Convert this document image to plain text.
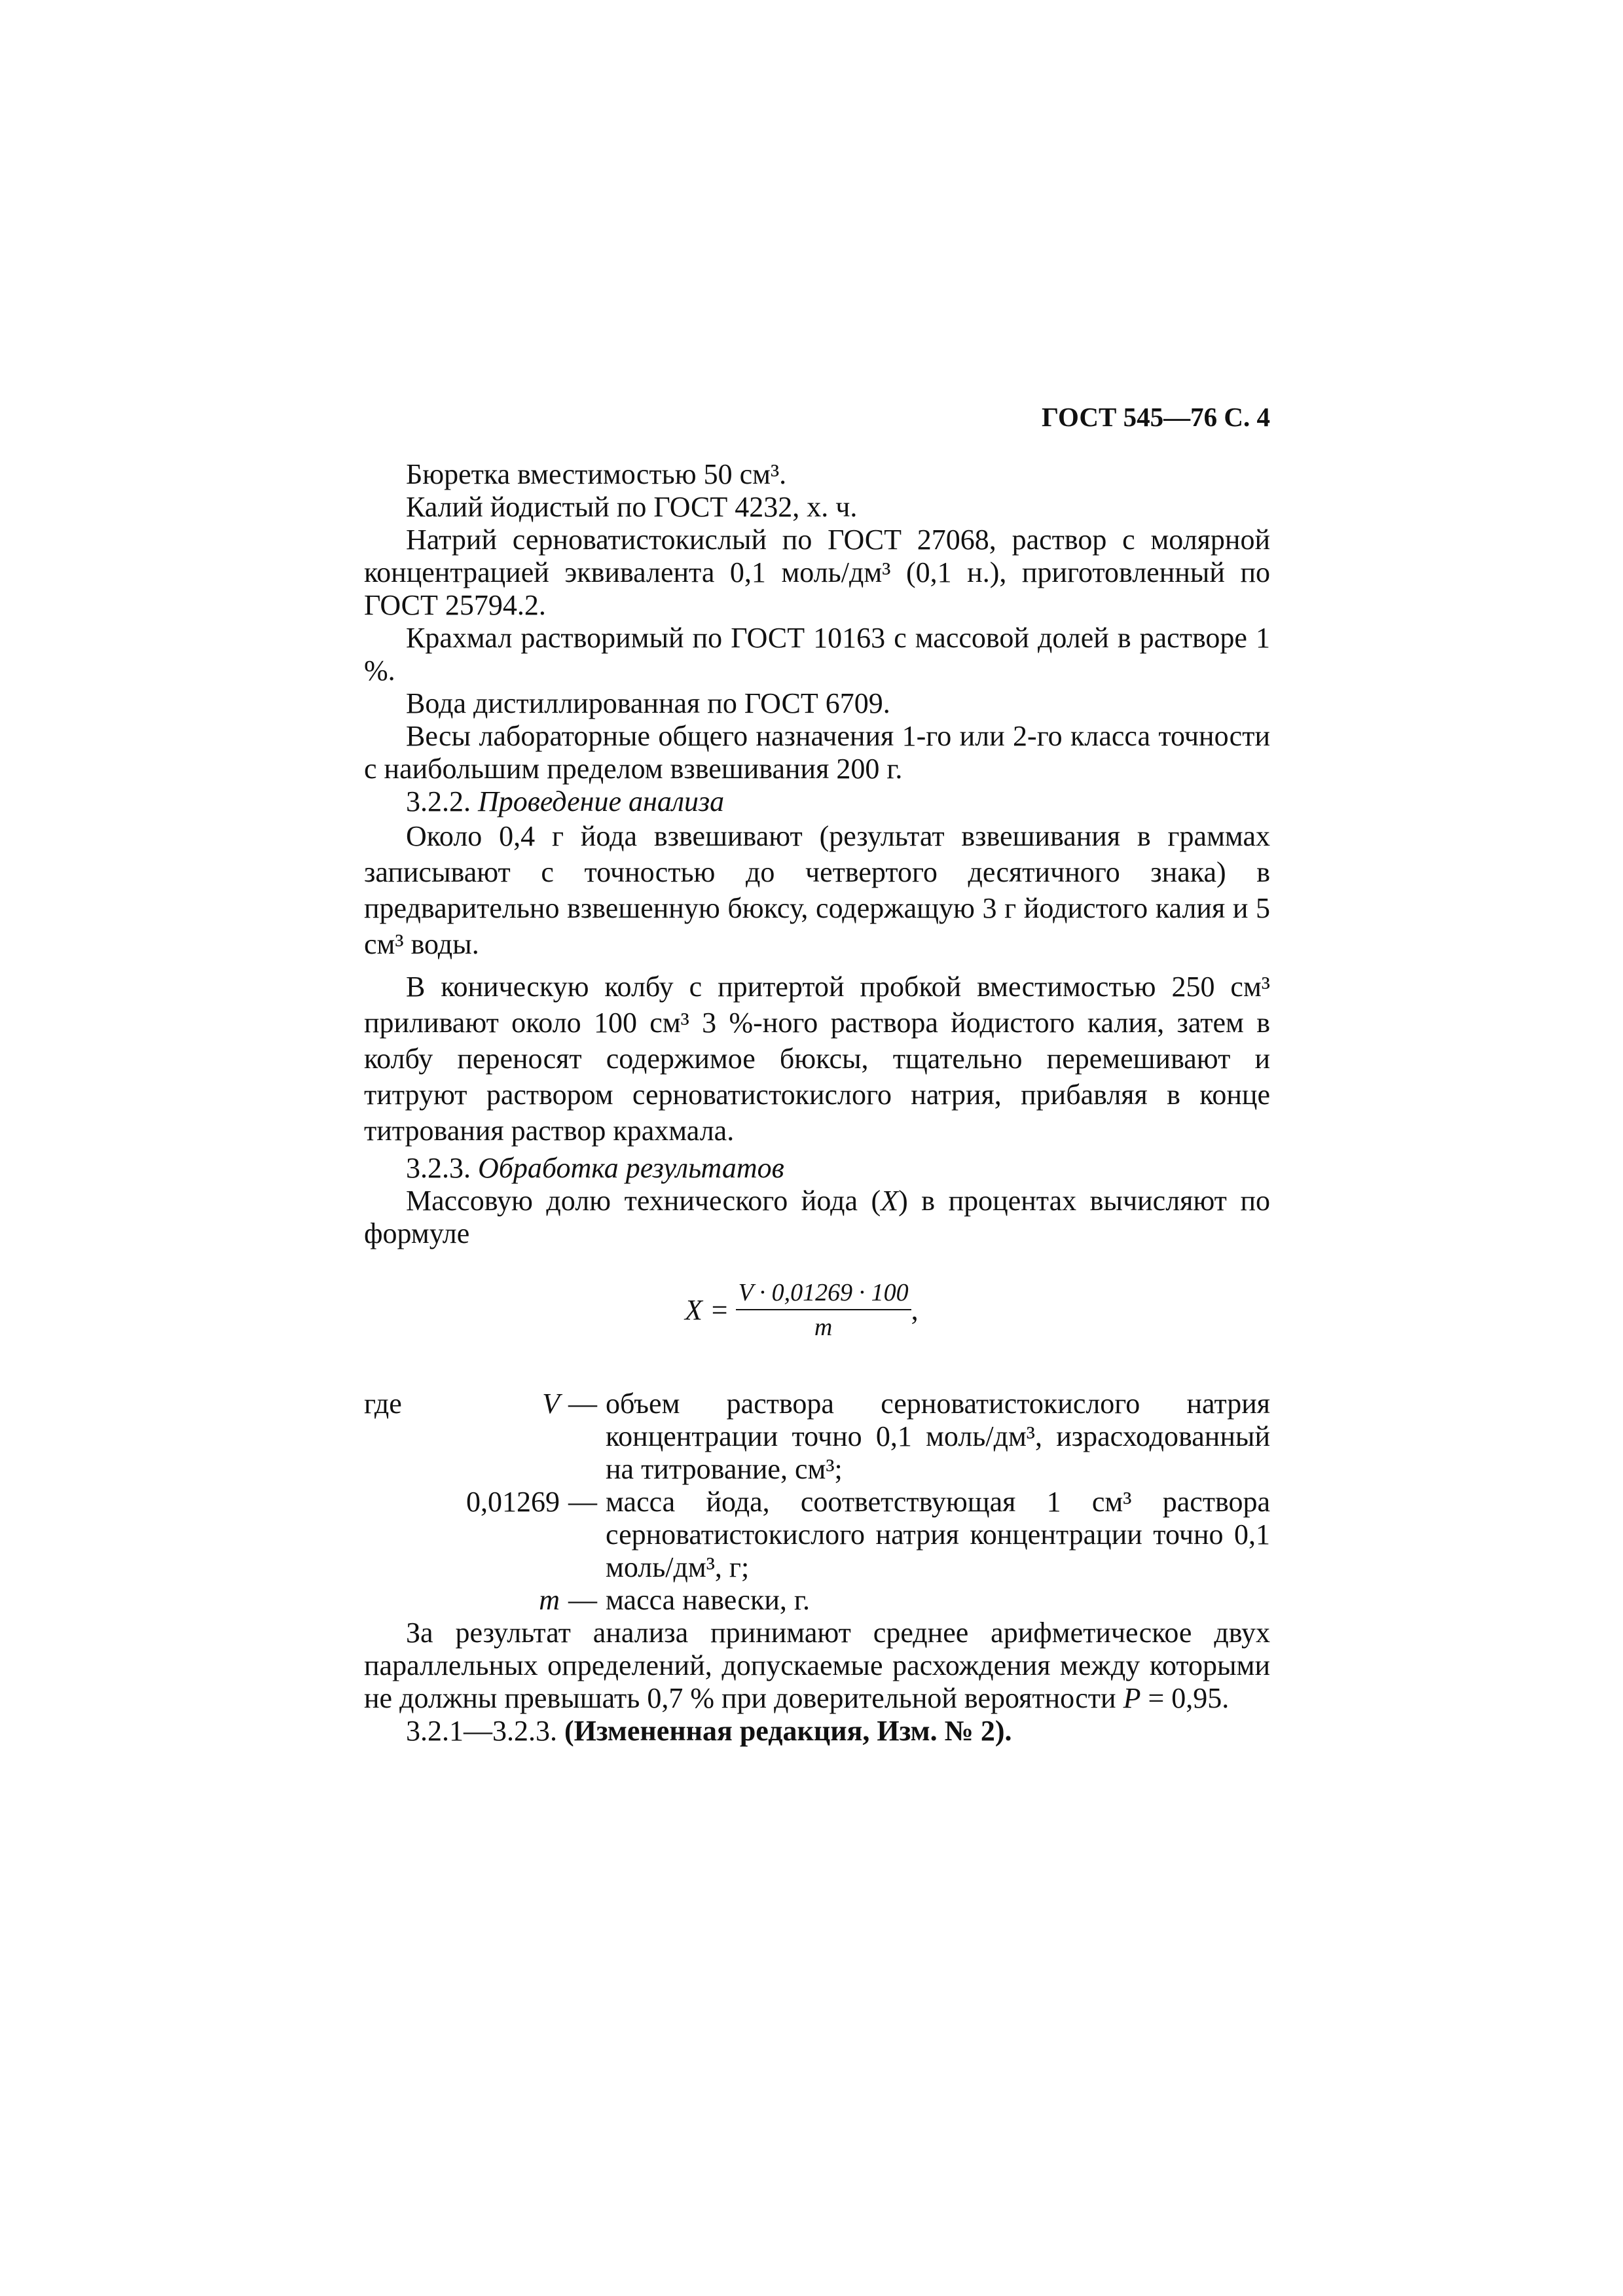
ГОСТ 545—76 С. 4

Бюретка вместимостью 50 см³.

Калий йодистый по ГОСТ 4232, х. ч.

Натрий серноватистокислый по ГОСТ 27068, раствор с молярной концентрацией эквивалента 0,1 моль/дм³ (0,1 н.), приготовленный по ГОСТ 25794.2.

Крахмал растворимый по ГОСТ 10163 с массовой долей в растворе 1 %.

Вода дистиллированная по ГОСТ 6709.

Весы лабораторные общего назначения 1-го или 2-го класса точности с наибольшим пределом взвешивания 200 г.

3.2.2. Проведение анализа

Около 0,4 г йода взвешивают (результат взвешивания в граммах записывают с точностью до четвертого десятичного знака) в предварительно взвешенную бюксу, содержащую 3 г йодистого калия и 5 см³ воды.

В коническую колбу с притертой пробкой вместимостью 250 см³ приливают около 100 см³ 3 %-ного раствора йодистого калия, затем в колбу переносят содержимое бюксы, тщательно перемешивают и титруют раствором серноватистокислого натрия, прибавляя в конце титрования раствор крахмала.

3.2.3. Обработка результатов

Массовую долю технического йода (X) в процентах вычисляют по формуле

$X = \frac{V \cdot 0,01269 \cdot 100}{m}$ ,
где	V	—	объем раствора серноватистокислого натрия концентрации точно 0,1 моль/дм³, израсходованный на титрование, см³;
	0,01269	—	масса йода, соответствующая 1 см³ раствора серноватистокислого натрия концентрации точно 0,1 моль/дм³, г;
	m	—	масса навески, г.

За результат анализа принимают среднее арифметическое двух параллельных определений, допускаемые расхождения между которыми не должны превышать 0,7 % при доверительной вероятности P = 0,95.

3.2.1—3.2.3. (Измененная редакция, Изм. № 2).
